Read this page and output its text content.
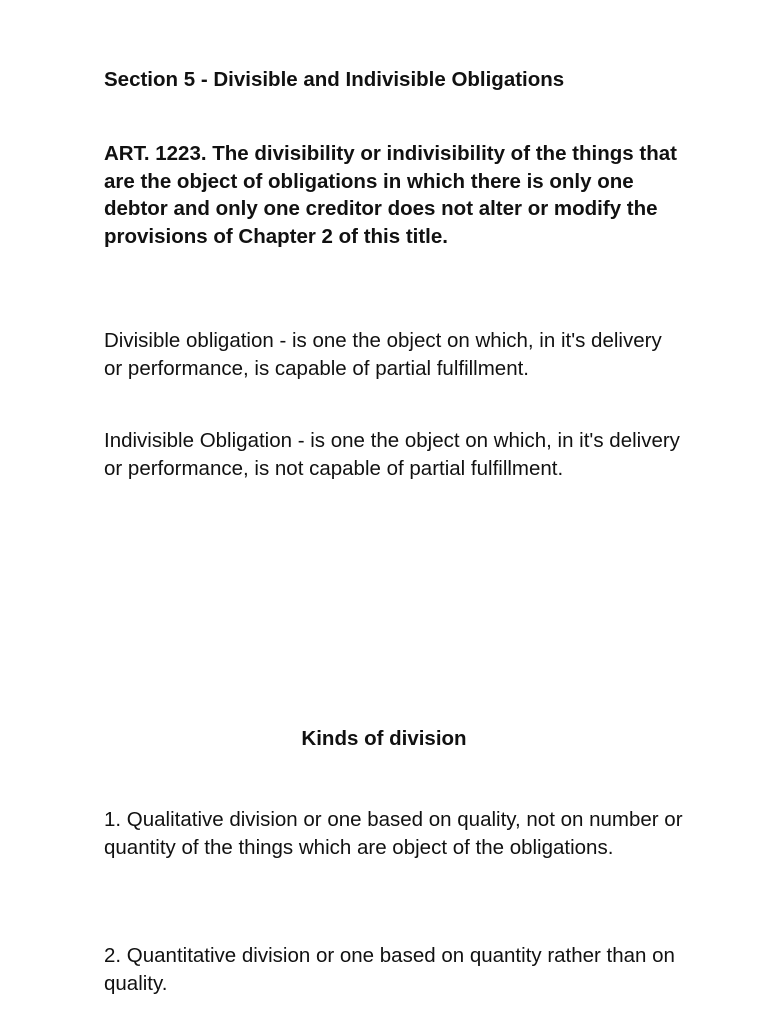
Section 5 - Divisible and Indivisible Obligations
ART. 1223. The divisibility or indivisibility of the things that are the object of obligations in which there is only one debtor and only one creditor does not alter or modify the provisions of Chapter 2 of this title.
Divisible obligation - is one the object on which, in it's delivery or performance, is capable of partial fulfillment.
Indivisible Obligation - is one the object on which, in it's delivery or performance, is not capable of partial fulfillment.
Kinds of division
1. Qualitative division or one based on quality, not on number or quantity of the things which are object of the obligations.
2. Quantitative division or one based on quantity rather than on quality.
